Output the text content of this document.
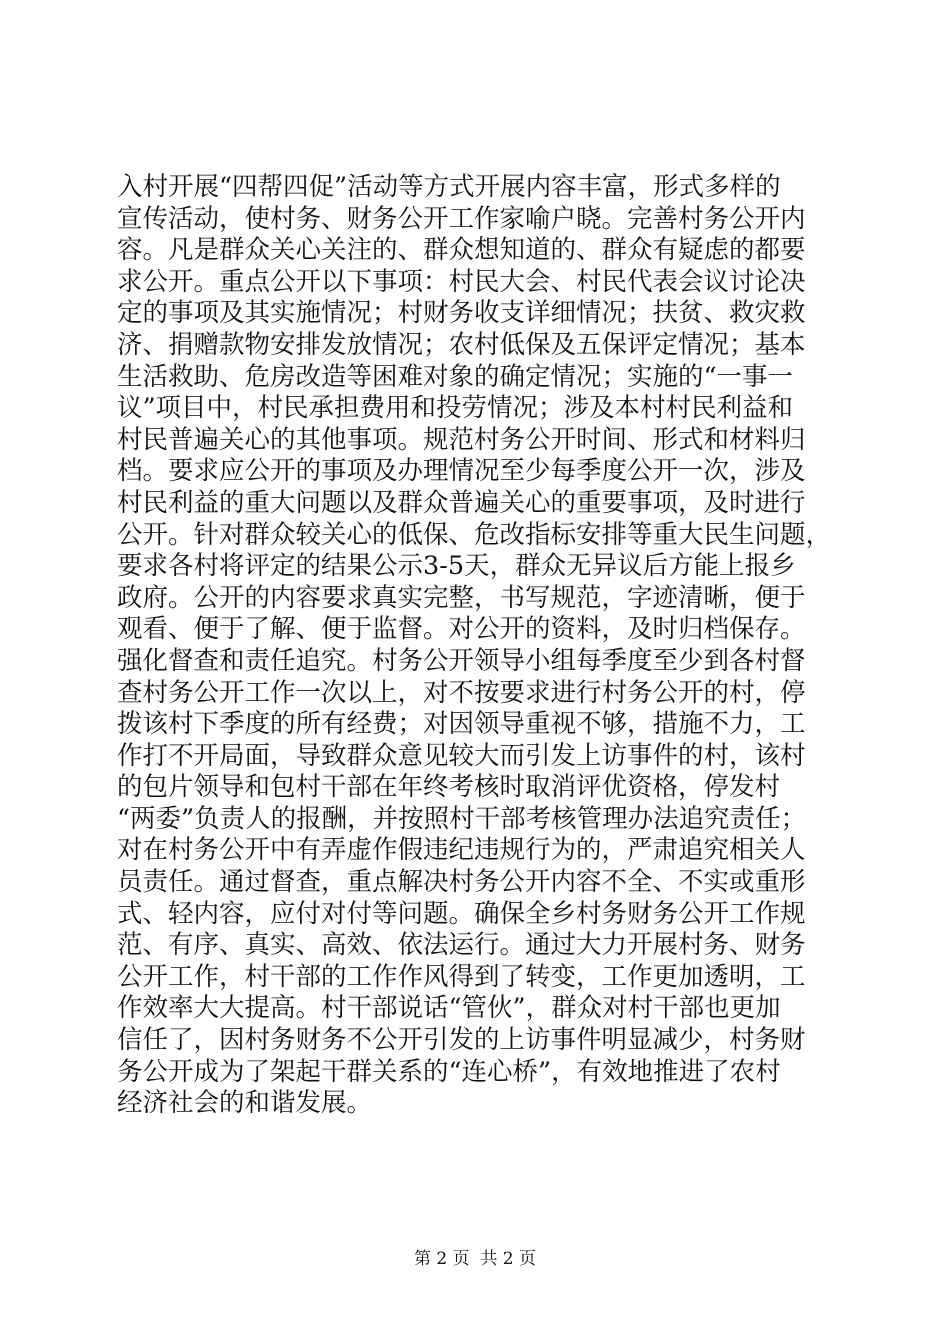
入村开展“四帮四促”活动等方式开展内容丰富，形式多样的
宣传活动，使村务、财务公开工作家喻户晓。完善村务公开内
容。凡是群众关心关注的、群众想知道的、群众有疑虑的都要
求公开。重点公开以下事项：村民大会、村民代表会议讨论决
定的事项及其实施情况；村财务收支详细情况；扶贫、救灾救
济、捐赠款物安排发放情况；农村低保及五保评定情况；基本
生活救助、危房改造等困难对象的确定情况；实施的“一事一
议”项目中，村民承担费用和投劳情况；涉及本村村民利益和
村民普遍关心的其他事项。规范村务公开时间、形式和材料归
档。要求应公开的事项及办理情况至少每季度公开一次，涉及
村民利益的重大问题以及群众普遍关心的重要事项，及时进行
公开。针对群众较关心的低保、危改指标安排等重大民生问题，
要求各村将评定的结果公示3-5天，群众无异议后方能上报乡
政府。公开的内容要求真实完整，书写规范，字迹清晰，便于
观看、便于了解、便于监督。对公开的资料，及时归档保存。
强化督查和责任追究。村务公开领导小组每季度至少到各村督
查村务公开工作一次以上，对不按要求进行村务公开的村，停
拨该村下季度的所有经费；对因领导重视不够，措施不力，工
作打不开局面，导致群众意见较大而引发上访事件的村，该村
的包片领导和包村干部在年终考核时取消评优资格，停发村
“两委”负责人的报酬，并按照村干部考核管理办法追究责任；
对在村务公开中有弄虚作假违纪违规行为的，严肃追究相关人
员责任。通过督查，重点解决村务公开内容不全、不实或重形
式、轻内容，应付对付等问题。确保全乡村务财务公开工作规
范、有序、真实、高效、依法运行。通过大力开展村务、财务
公开工作，村干部的工作作风得到了转变，工作更加透明，工
作效率大大提高。村干部说话“管伙”，群众对村干部也更加
信任了，因村务财务不公开引发的上访事件明显减少，村务财
务公开成为了架起干群关系的“连心桥”，有效地推进了农村
经济社会的和谐发展。
第 2 页  共 2 页
